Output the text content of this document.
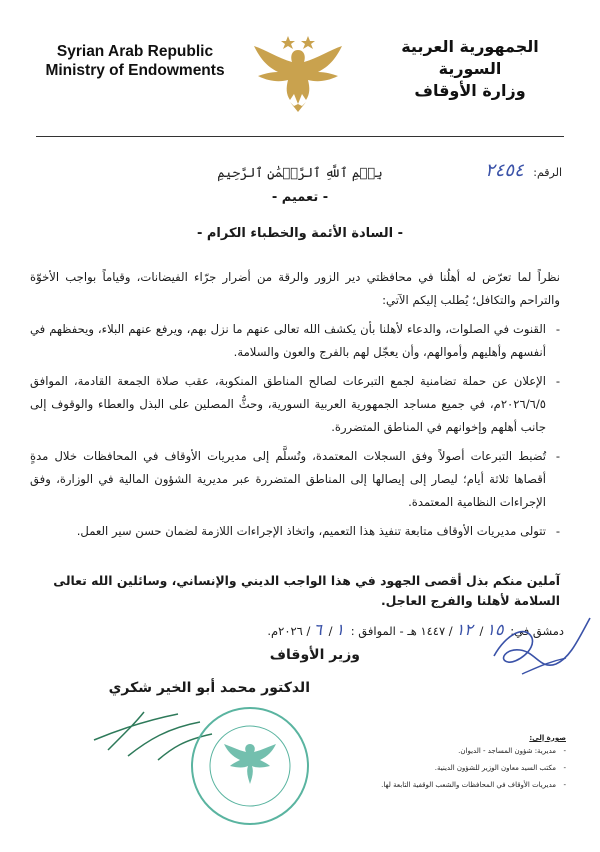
Syrian Arab Republic
Ministry of Endowments
الجمهورية العربية السورية
وزارة الأوقاف
الرقم: ٢٤٥٤
بِسۡمِ ٱللَّهِ ٱلرَّحۡمَٰنِ ٱلرَّحِيمِ
- تعميم -
- السادة الأئمة والخطباء الكرام -

نظراً لما تعرّض له أهلُنا في محافظتي دير الزور والرقة من أضرار جرّاء الفيضانات، وقياماً بواجب الأخوّة والتراحم والتكافل؛ يُطلب إليكم الآتي:

- القنوت في الصلوات، والدعاء لأهلنا بأن يكشف الله تعالى عنهم ما نزل بهم، ويرفع عنهم البلاء، ويحفظهم في أنفسهم وأهليهم وأموالهم، وأن يعجّل لهم بالفرج والعون والسلامة.
- الإعلان عن حملة تضامنية لجمع التبرعات لصالح المناطق المنكوبة، عقب صلاة الجمعة القادمة، الموافق ٢٠٢٦/٦/٥م، في جميع مساجد الجمهورية العربية السورية، وحثُّ المصلين على البذل والعطاء والوقوف إلى جانب أهلهم وإخوانهم في المناطق المتضررة.
- تُضبط التبرعات أصولاً وفق السجلات المعتمدة، وتُسلَّم إلى مديريات الأوقاف في المحافظات خلال مدةٍ أقصاها ثلاثة أيام؛ ليصار إلى إيصالها إلى المناطق المتضررة عبر مديرية الشؤون المالية في الوزارة، وفق الإجراءات النظامية المعتمدة.
- تتولى مديريات الأوقاف متابعة تنفيذ هذا التعميم، واتخاذ الإجراءات اللازمة لضمان حسن سير العمل.
آملين منكم بذل أقصى الجهود في هذا الواجب الديني والإنساني، وسائلين الله تعالى السلامة لأهلنا والفرج العاجل.
دمشق في: ١٥/ ١٢/ ١٤٤٧ هـ - الموافق : ١/ ٦/ ٢٠٢٦م.
وزير الأوقاف
الدكتور محمد أبو الخير شكري
صورة إلى:
- مديرية: شؤون المساجد - الديوان.
- مكتب السيد معاون الوزير للشؤون الدينية.
- مديريات الأوقاف في المحافظات والشعب الوقفية التابعة لها.
